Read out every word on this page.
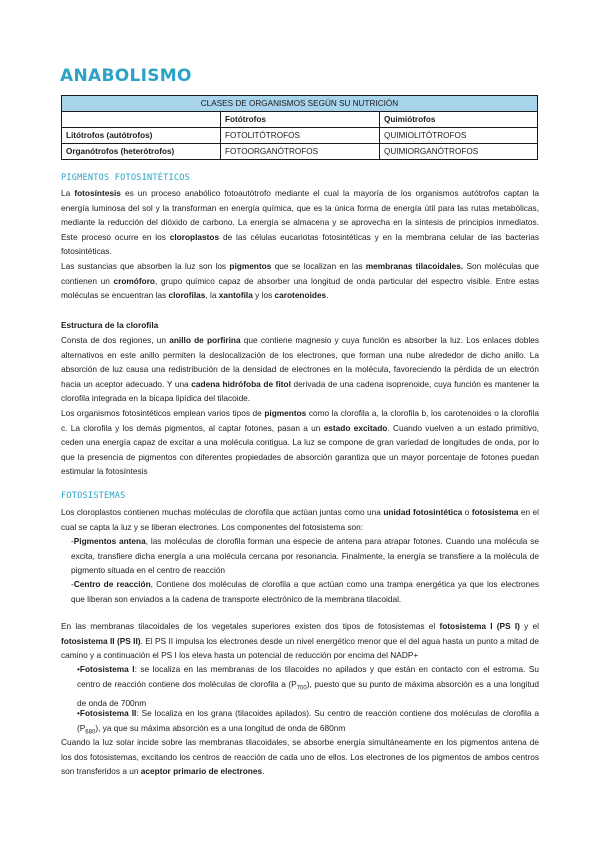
ANABOLISMO
CLASES DE ORGANISMOS SEGÚN SU NUTRICIÓN		
	Fotótrofos	Quimiótrofos
Litótrofos (autótrofos)	FOTOLITÓTROFOS	QUIMIOLITÓTROFOS
Organótrofos (heterótrofos)	FOTOORGANÓTROFOS	QUIMIORGANÓTROFOS
PIGMENTOS FOTOSINTÉTICOS

La fotosíntesis es un proceso anabólico fotoautótrofo mediante el cual la mayoría de los organismos autótrofos captan la energía luminosa del sol y la transforman en energía química, que es la única forma de energía útil para las rutas metabólicas, mediante la reducción del dióxido de carbono. La energía se almacena y se aprovecha en la síntesis de principios inmediatos. Este proceso ocurre en los cloroplastos de las células eucariotas fotosintéticas y en la membrana celular de las bacterias fotosintéticas.

Las sustancias que absorben la luz son los pigmentos que se localizan en las membranas tilacoidales. Son moléculas que contienen un cromóforo, grupo químico capaz de absorber una longitud de onda particular del espectro visible. Entre estas moléculas se encuentran las clorofilas, la xantofila y los carotenoides.

Estructura de la clorofila

Consta de dos regiones, un anillo de porfirina que contiene magnesio y cuya función es absorber la luz. Los enlaces dobles alternativos en este anillo permiten la deslocalización de los electrones, que forman una nube alrededor de dicho anillo. La absorción de luz causa una redistribución de la densidad de electrones en la molécula, favoreciendo la pérdida de un electrón hacia un aceptor adecuado. Y una cadena hidrófoba de fitol derivada de una cadena isoprenoide, cuya función es mantener la clorofila integrada en la bicapa lipídica del tilacoide.

Los organismos fotosintéticos emplean varios tipos de pigmentos como la clorofila a, la clorofila b, los carotenoides o la clorofila c. La clorofila y los demás pigmentos, al captar fotones, pasan a un estado excitado. Cuando vuelven a un estado primitivo, ceden una energía capaz de excitar a una molécula contigua. La luz se compone de gran variedad de longitudes de onda, por lo que la presencia de pigmentos con diferentes propiedades de absorción garantiza que un mayor porcentaje de fotones puedan estimular la fotosíntesis

FOTOSISTEMAS

Los cloroplastos contienen muchas moléculas de clorofila que actúan juntas como una unidad fotosintética o fotosistema en el cual se capta la luz y se liberan electrones. Los componentes del fotosistema son:

-Pigmentos antena, las moléculas de clorofila forman una especie de antena para atrapar fotones. Cuando una molécula se excita, transfiere dicha energía a una molécula cercana por resonancia. Finalmente, la energía se transfiere a la molécula de pigmento situada en el centro de reacción

-Centro de reacción, Contiene dos moléculas de clorofila a que actúan como una trampa energética ya que los electrones que liberan son enviados a la cadena de transporte electrónico de la membrana tilacoidal.

En las membranas tilacoidales de los vegetales superiores existen dos tipos de fotosistemas el fotosistema I (PS I) y el fotosistema II (PS II). El PS II impulsa los electrones desde un nivel energético menor que el del agua hasta un punto a mitad de camino y a continuación el PS I los eleva hasta un potencial de reducción por encima del NADP+

•Fotosistema I: se localiza en las membranas de los tilacoides no apilados y que están en contacto con el estroma. Su centro de reacción contiene dos moléculas de clorofila a $(P_{700})$, puesto que su punto de máxima absorción es a una longitud de onda de 700nm

•Fotosistema II: Se localiza en los grana (tilacoides apilados). Su centro de reacción contiene dos moléculas de clorofila a $(P_{680})$, ya que su máxima absorción es a una longitud de onda de 680nm

Cuando la luz solar incide sobre las membranas tilacoidales, se absorbe energía simultáneamente en los pigmentos antena de los dos fotosistemas, excitando los centros de reacción de cada uno de ellos. Los electrones de los pigmentos de ambos centros son transferidos a un aceptor primario de electrones.
